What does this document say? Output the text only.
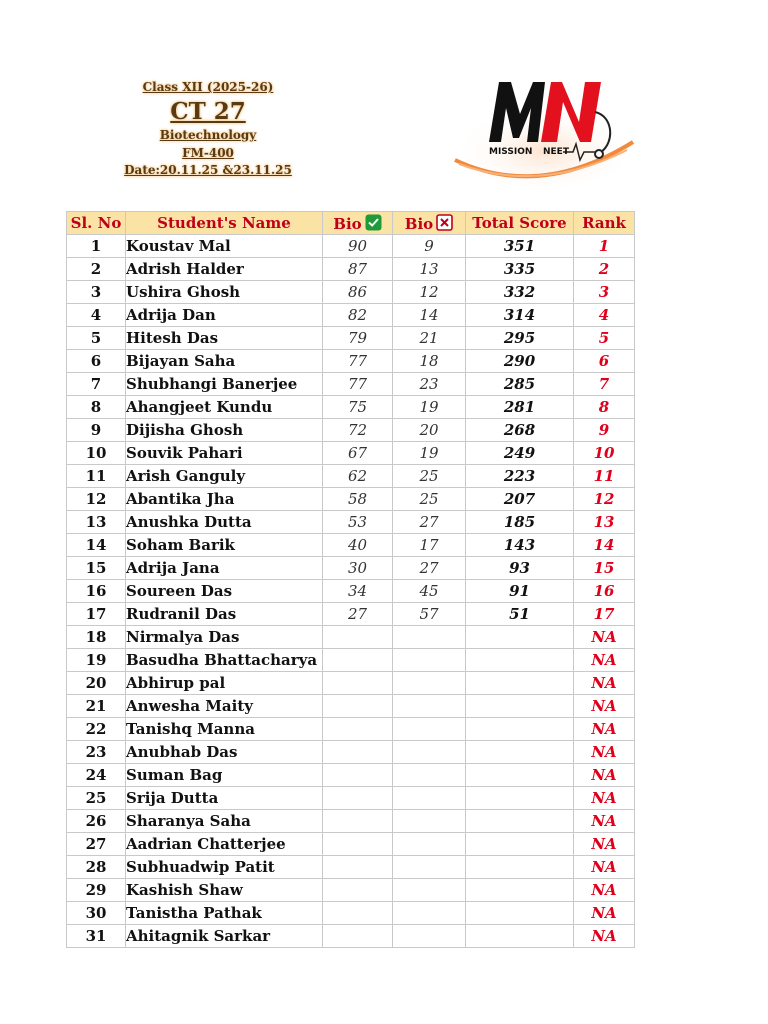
Class XII (2025-26)
CT 27
Biotechnology
FM-400
Date:20.11.25 &23.11.25
MISSION NEET
Sl. No	Student's Name	Bio	Bio	Total Score	Rank
1	Koustav Mal	90	9	351	1
2	Adrish Halder	87	13	335	2
3	Ushira Ghosh	86	12	332	3
4	Adrija Dan	82	14	314	4
5	Hitesh Das	79	21	295	5
6	Bijayan Saha	77	18	290	6
7	Shubhangi Banerjee	77	23	285	7
8	Ahangjeet Kundu	75	19	281	8
9	Dijisha Ghosh	72	20	268	9
10	Souvik Pahari	67	19	249	10
11	Arish Ganguly	62	25	223	11
12	Abantika Jha	58	25	207	12
13	Anushka Dutta	53	27	185	13
14	Soham Barik	40	17	143	14
15	Adrija Jana	30	27	93	15
16	Soureen Das	34	45	91	16
17	Rudranil Das	27	57	51	17
18	Nirmalya Das				NA
19	Basudha Bhattacharya				NA
20	Abhirup pal				NA
21	Anwesha Maity				NA
22	Tanishq Manna				NA
23	Anubhab Das				NA
24	Suman Bag				NA
25	Srija Dutta				NA
26	Sharanya Saha				NA
27	Aadrian Chatterjee				NA
28	Subhuadwip Patit				NA
29	Kashish Shaw				NA
30	Tanistha Pathak				NA
31	Ahitagnik Sarkar				NA
